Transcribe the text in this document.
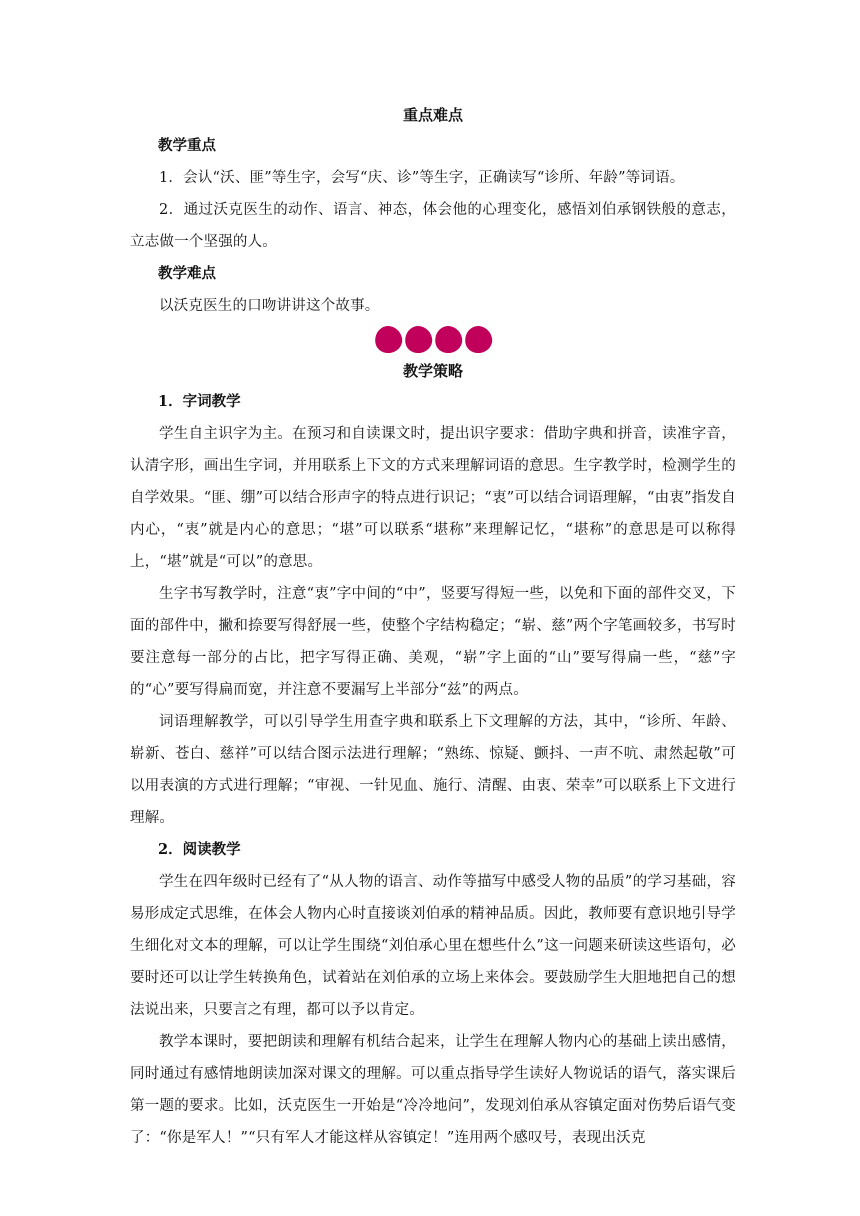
重点难点
教学重点

1．会认“沃、匪”等生字，会写“庆、诊”等生字，正确读写“诊所、年龄”等词语。

2．通过沃克医生的动作、语言、神态，体会他的心理变化，感悟刘伯承钢铁般的意志，立志做一个坚强的人。

教学难点

以沃克医生的口吻讲讲这个故事。

教学策略
1．字词教学

学生自主识字为主。在预习和自读课文时，提出识字要求：借助字典和拼音，读准字音，认清字形，画出生字词，并用联系上下文的方式来理解词语的意思。生字教学时，检测学生的自学效果。“匪、绷”可以结合形声字的特点进行识记；“衷”可以结合词语理解，“由衷”指发自内心，“衷”就是内心的意思；“堪”可以联系“堪称”来理解记忆，“堪称”的意思是可以称得上，“堪”就是“可以”的意思。

生字书写教学时，注意“衷”字中间的“中”，竖要写得短一些，以免和下面的部件交叉，下面的部件中，撇和捺要写得舒展一些，使整个字结构稳定；“崭、慈”两个字笔画较多，书写时要注意每一部分的占比，把字写得正确、美观，“崭”字上面的“山”要写得扁一些，“慈”字的“心”要写得扁而宽，并注意不要漏写上半部分“兹”的两点。

词语理解教学，可以引导学生用查字典和联系上下文理解的方法，其中，“诊所、年龄、崭新、苍白、慈祥”可以结合图示法进行理解；“熟练、惊疑、颤抖、一声不吭、肃然起敬”可以用表演的方式进行理解；“审视、一针见血、施行、清醒、由衷、荣幸”可以联系上下文进行理解。

2．阅读教学

学生在四年级时已经有了“从人物的语言、动作等描写中感受人物的品质”的学习基础，容易形成定式思维，在体会人物内心时直接谈刘伯承的精神品质。因此，教师要有意识地引导学生细化对文本的理解，可以让学生围绕“刘伯承心里在想些什么”这一问题来研读这些语句，必要时还可以让学生转换角色，试着站在刘伯承的立场上来体会。要鼓励学生大胆地把自己的想法说出来，只要言之有理，都可以予以肯定。

教学本课时，要把朗读和理解有机结合起来，让学生在理解人物内心的基础上读出感情，同时通过有感情地朗读加深对课文的理解。可以重点指导学生读好人物说话的语气，落实课后第一题的要求。比如，沃克医生一开始是“冷冷地问”，发现刘伯承从容镇定面对伤势后语气变了：“你是军人！”“只有军人才能这样从容镇定！”连用两个感叹号，表现出沃克
